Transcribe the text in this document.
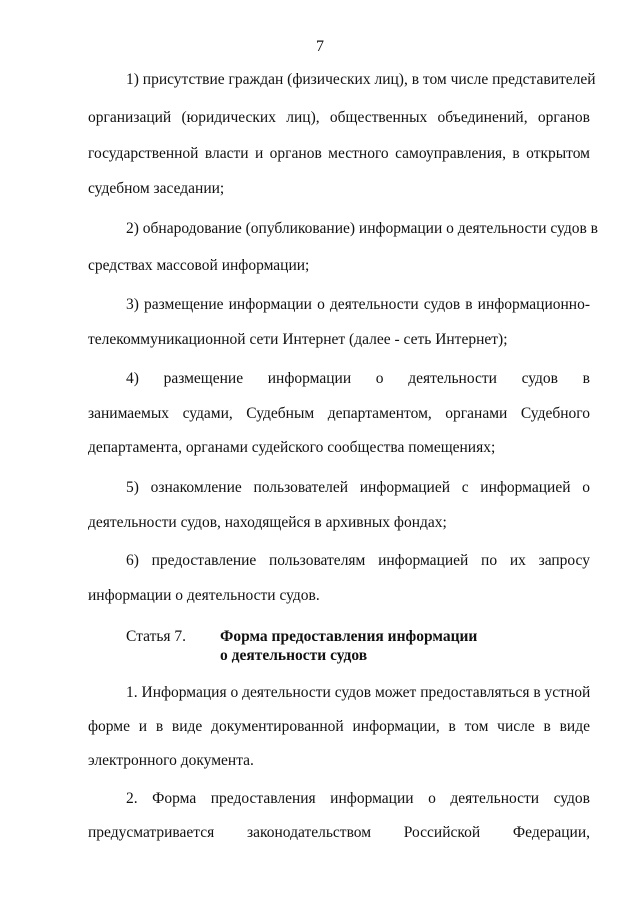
7
1) присутствие граждан (физических лиц), в том числе представителей
организаций (юридических лиц), общественных объединений, органов
государственной власти и органов местного самоуправления, в открытом
судебном заседании;
2) обнародование (опубликование) информации о деятельности судов в
средствах массовой информации;
3) размещение информации о деятельности судов в информационно-
телекоммуникационной сети Интернет (далее - сеть Интернет);
4) размещение информации о деятельности судов в
занимаемых судами, Судебным департаментом, органами Судебного
департамента, органами судейского сообщества помещениях;
5) ознакомление пользователей информацией с информацией о
деятельности судов, находящейся в архивных фондах;
6) предоставление пользователям информацией по их запросу
информации о деятельности судов.
Статья 7. Форма предоставления информации
о деятельности судов
1. Информация о деятельности судов может предоставляться в устной
форме и в виде документированной информации, в том числе в виде
электронного документа.
2. Форма предоставления информации о деятельности судов
предусматривается законодательством Российской Федерации,
